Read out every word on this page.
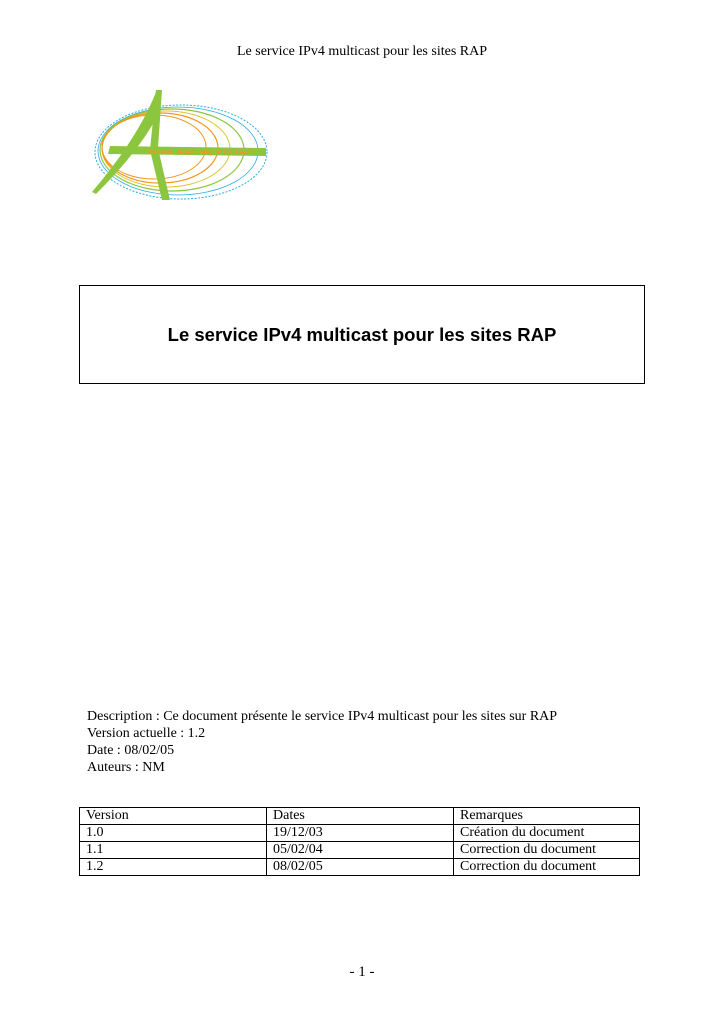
Le service IPv4 multicast pour les sites RAP
Réseau Académique Parisien
Le service IPv4 multicast pour les sites RAP
Description : Ce document présente le service IPv4 multicast pour les sites sur RAP
Version actuelle : 1.2
Date : 08/02/05
Auteurs : NM
Version	Dates	Remarques
1.0	19/12/03	Création du document
1.1	05/02/04	Correction du document
1.2	08/02/05	Correction du document
- 1 -
